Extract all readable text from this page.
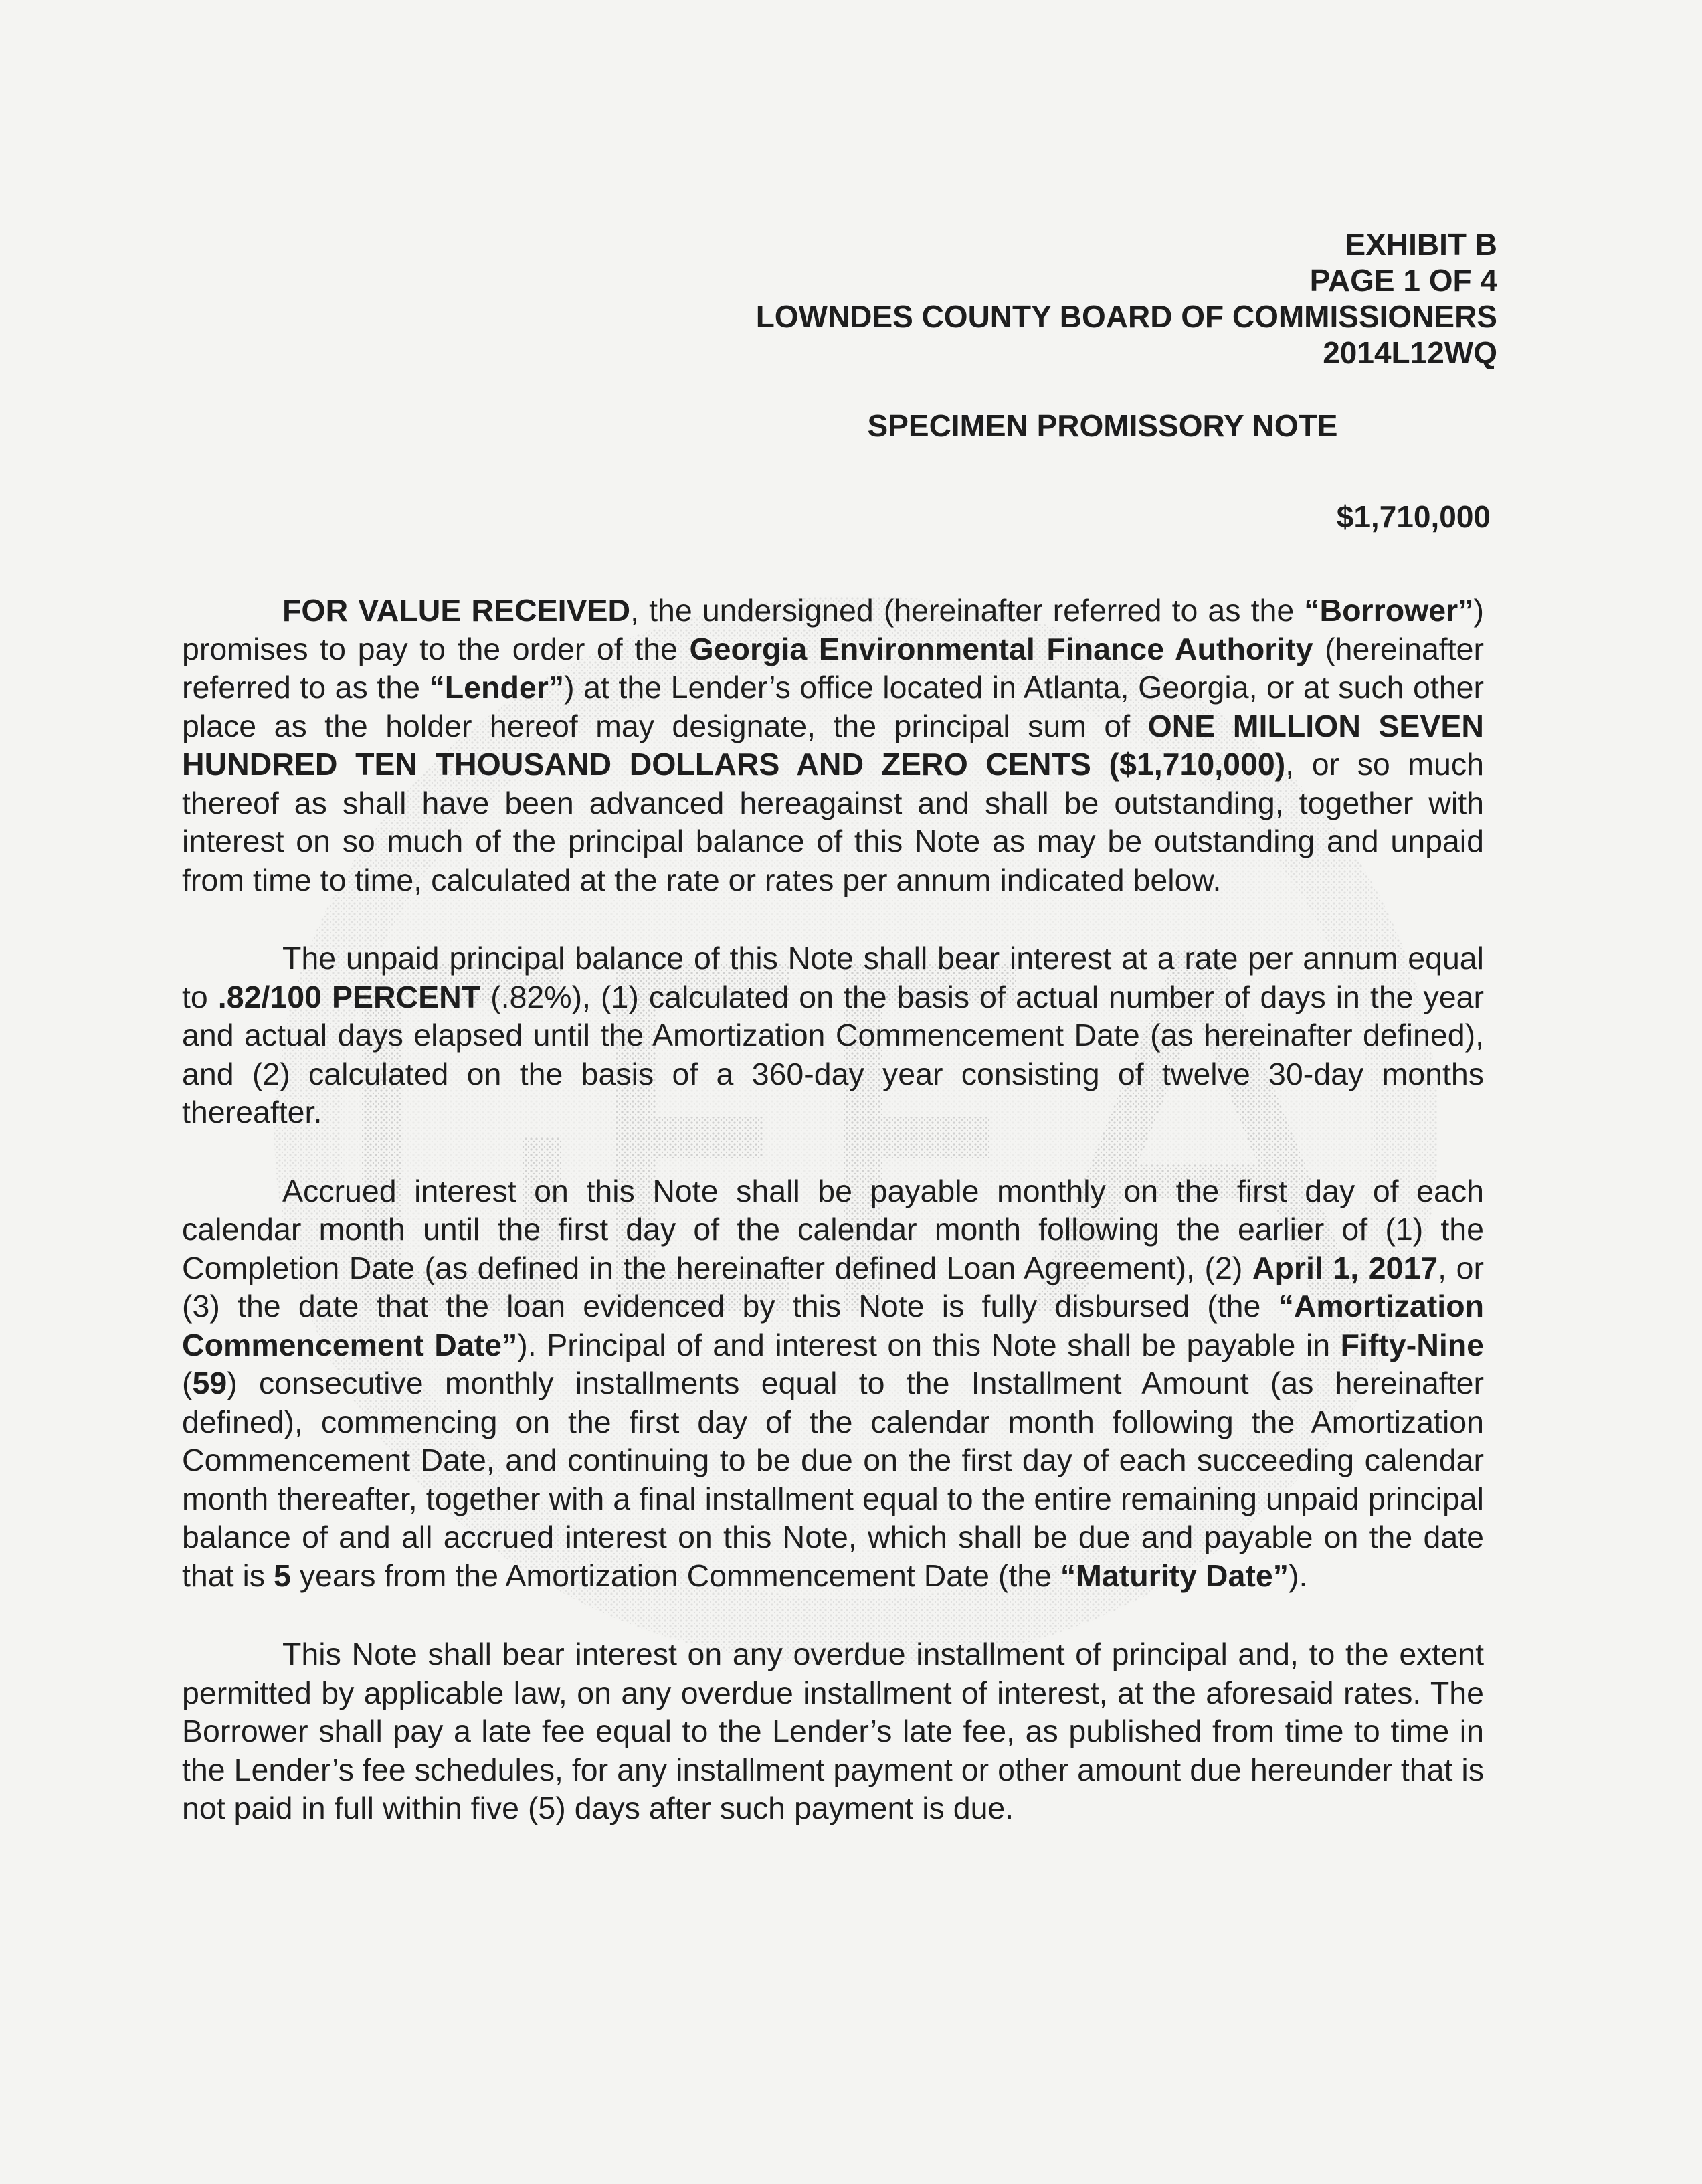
EXHIBIT B
PAGE 1 OF 4
LOWNDES COUNTY BOARD OF COMMISSIONERS
2014L12WQ
SPECIMEN PROMISSORY NOTE
$1,710,000

FOR VALUE RECEIVED, the undersigned (hereinafter referred to as the “Borrower”) promises to pay to the order of the Georgia Environmental Finance Authority (hereinafter referred to as the “Lender”) at the Lender’s office located in Atlanta, Georgia, or at such other place as the holder hereof may designate, the principal sum of ONE MILLION SEVEN HUNDRED TEN THOUSAND DOLLARS AND ZERO CENTS ($1,710,000), or so much thereof as shall have been advanced hereagainst and shall be outstanding, together with interest on so much of the principal balance of this Note as may be outstanding and unpaid from time to time, calculated at the rate or rates per annum indicated below.

The unpaid principal balance of this Note shall bear interest at a rate per annum equal to .82/100 PERCENT (.82%), (1) calculated on the basis of actual number of days in the year and actual days elapsed until the Amortization Commencement Date (as hereinafter defined), and (2) calculated on the basis of a 360-day year consisting of twelve 30-day months thereafter.

Accrued interest on this Note shall be payable monthly on the first day of each calendar month until the first day of the calendar month following the earlier of (1) the Completion Date (as defined in the hereinafter defined Loan Agreement), (2) April 1, 2017, or (3) the date that the loan evidenced by this Note is fully disbursed (the “Amortization Commencement Date”). Principal of and interest on this Note shall be payable in Fifty-Nine (59) consecutive monthly installments equal to the Installment Amount (as hereinafter defined), commencing on the first day of the calendar month following the Amortization Commencement Date, and continuing to be due on the first day of each succeeding calendar month thereafter, together with a final installment equal to the entire remaining unpaid principal balance of and all accrued interest on this Note, which shall be due and payable on the date that is 5 years from the Amortization Commencement Date (the “Maturity Date”).

This Note shall bear interest on any overdue installment of principal and, to the extent permitted by applicable law, on any overdue installment of interest, at the aforesaid rates. The Borrower shall pay a late fee equal to the Lender’s late fee, as published from time to time in the Lender’s fee schedules, for any installment payment or other amount due hereunder that is not paid in full within five (5) days after such payment is due.
